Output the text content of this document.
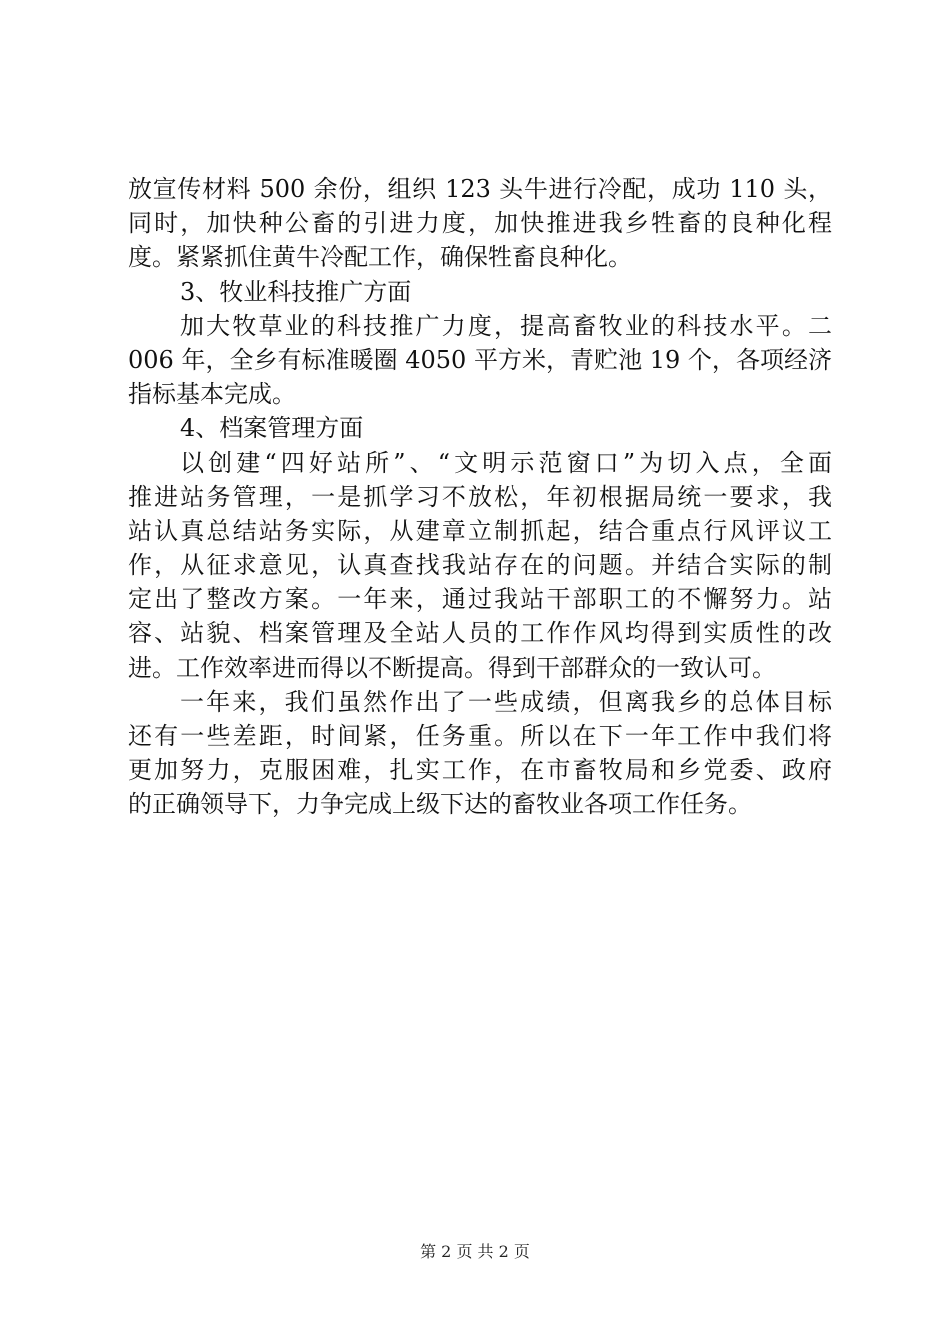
放宣传材料 500 余份，组织 123 头牛进行冷配，成功 110 头，
同时，加快种公畜的引进力度，加快推进我乡牲畜的良种化程
度。紧紧抓住黄牛冷配工作，确保牲畜良种化。
3、牧业科技推广方面
加大牧草业的科技推广力度，提高畜牧业的科技水平。二
006 年，全乡有标准暖圈 4050 平方米，青贮池 19 个，各项经济
指标基本完成。
4、档案管理方面
以创建“四好站所”、“文明示范窗口”为切入点，全面
推进站务管理，一是抓学习不放松，年初根据局统一要求，我
站认真总结站务实际，从建章立制抓起，结合重点行风评议工
作，从征求意见，认真查找我站存在的问题。并结合实际的制
定出了整改方案。一年来，通过我站干部职工的不懈努力。站
容、站貌、档案管理及全站人员的工作作风均得到实质性的改
进。工作效率进而得以不断提高。得到干部群众的一致认可。
一年来，我们虽然作出了一些成绩，但离我乡的总体目标
还有一些差距，时间紧，任务重。所以在下一年工作中我们将
更加努力，克服困难，扎实工作，在市畜牧局和乡党委、政府
的正确领导下，力争完成上级下达的畜牧业各项工作任务。
第 2 页 共 2 页
